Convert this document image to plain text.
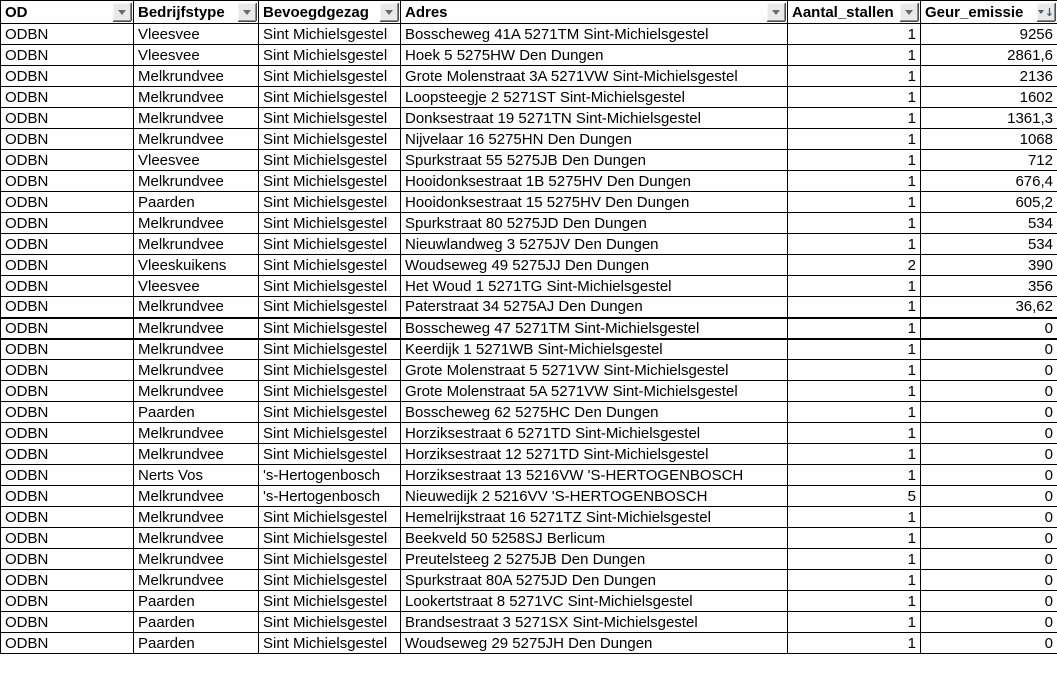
OD	Bedrijfstype	Bevoegdgezag	Adres	Aantal_stallen	Geur_emissie ↓

ODBN	Vleesvee	Sint Michielsgestel	Bosscheweg 41A 5271TM Sint-Michielsgestel	1	9256
ODBN	Vleesvee	Sint Michielsgestel	Hoek 5 5275HW Den Dungen	1	2861,6
ODBN	Melkrundvee	Sint Michielsgestel	Grote Molenstraat 3A 5271VW Sint-Michielsgestel	1	2136
ODBN	Melkrundvee	Sint Michielsgestel	Loopsteegje 2 5271ST Sint-Michielsgestel	1	1602
ODBN	Melkrundvee	Sint Michielsgestel	Donksestraat 19 5271TN Sint-Michielsgestel	1	1361,3
ODBN	Melkrundvee	Sint Michielsgestel	Nijvelaar 16 5275HN Den Dungen	1	1068
ODBN	Vleesvee	Sint Michielsgestel	Spurkstraat 55 5275JB Den Dungen	1	712
ODBN	Melkrundvee	Sint Michielsgestel	Hooidonksestraat 1B 5275HV Den Dungen	1	676,4
ODBN	Paarden	Sint Michielsgestel	Hooidonksestraat 15 5275HV Den Dungen	1	605,2
ODBN	Melkrundvee	Sint Michielsgestel	Spurkstraat 80 5275JD Den Dungen	1	534
ODBN	Melkrundvee	Sint Michielsgestel	Nieuwlandweg 3 5275JV Den Dungen	1	534
ODBN	Vleeskuikens	Sint Michielsgestel	Woudseweg 49 5275JJ Den Dungen	2	390
ODBN	Vleesvee	Sint Michielsgestel	Het Woud 1 5271TG Sint-Michielsgestel	1	356
ODBN	Melkrundvee	Sint Michielsgestel	Paterstraat 34 5275AJ Den Dungen	1	36,62
ODBN	Melkrundvee	Sint Michielsgestel	Bosscheweg 47 5271TM Sint-Michielsgestel	1	0
ODBN	Melkrundvee	Sint Michielsgestel	Keerdijk 1 5271WB Sint-Michielsgestel	1	0
ODBN	Melkrundvee	Sint Michielsgestel	Grote Molenstraat 5 5271VW Sint-Michielsgestel	1	0
ODBN	Melkrundvee	Sint Michielsgestel	Grote Molenstraat 5A 5271VW Sint-Michielsgestel	1	0
ODBN	Paarden	Sint Michielsgestel	Bosscheweg 62 5275HC Den Dungen	1	0
ODBN	Melkrundvee	Sint Michielsgestel	Horziksestraat 6 5271TD Sint-Michielsgestel	1	0
ODBN	Melkrundvee	Sint Michielsgestel	Horziksestraat 12 5271TD Sint-Michielsgestel	1	0
ODBN	Nerts Vos	's-Hertogenbosch	Horziksestraat 13 5216VW 'S-HERTOGENBOSCH	1	0
ODBN	Melkrundvee	's-Hertogenbosch	Nieuwedijk 2 5216VV 'S-HERTOGENBOSCH	5	0
ODBN	Melkrundvee	Sint Michielsgestel	Hemelrijkstraat 16 5271TZ Sint-Michielsgestel	1	0
ODBN	Melkrundvee	Sint Michielsgestel	Beekveld 50 5258SJ Berlicum	1	0
ODBN	Melkrundvee	Sint Michielsgestel	Preutelsteeg 2 5275JB Den Dungen	1	0
ODBN	Melkrundvee	Sint Michielsgestel	Spurkstraat 80A 5275JD Den Dungen	1	0
ODBN	Paarden	Sint Michielsgestel	Lookertstraat 8 5271VC Sint-Michielsgestel	1	0
ODBN	Paarden	Sint Michielsgestel	Brandsestraat 3 5271SX Sint-Michielsgestel	1	0
ODBN	Paarden	Sint Michielsgestel	Woudseweg 29 5275JH Den Dungen	1	0
